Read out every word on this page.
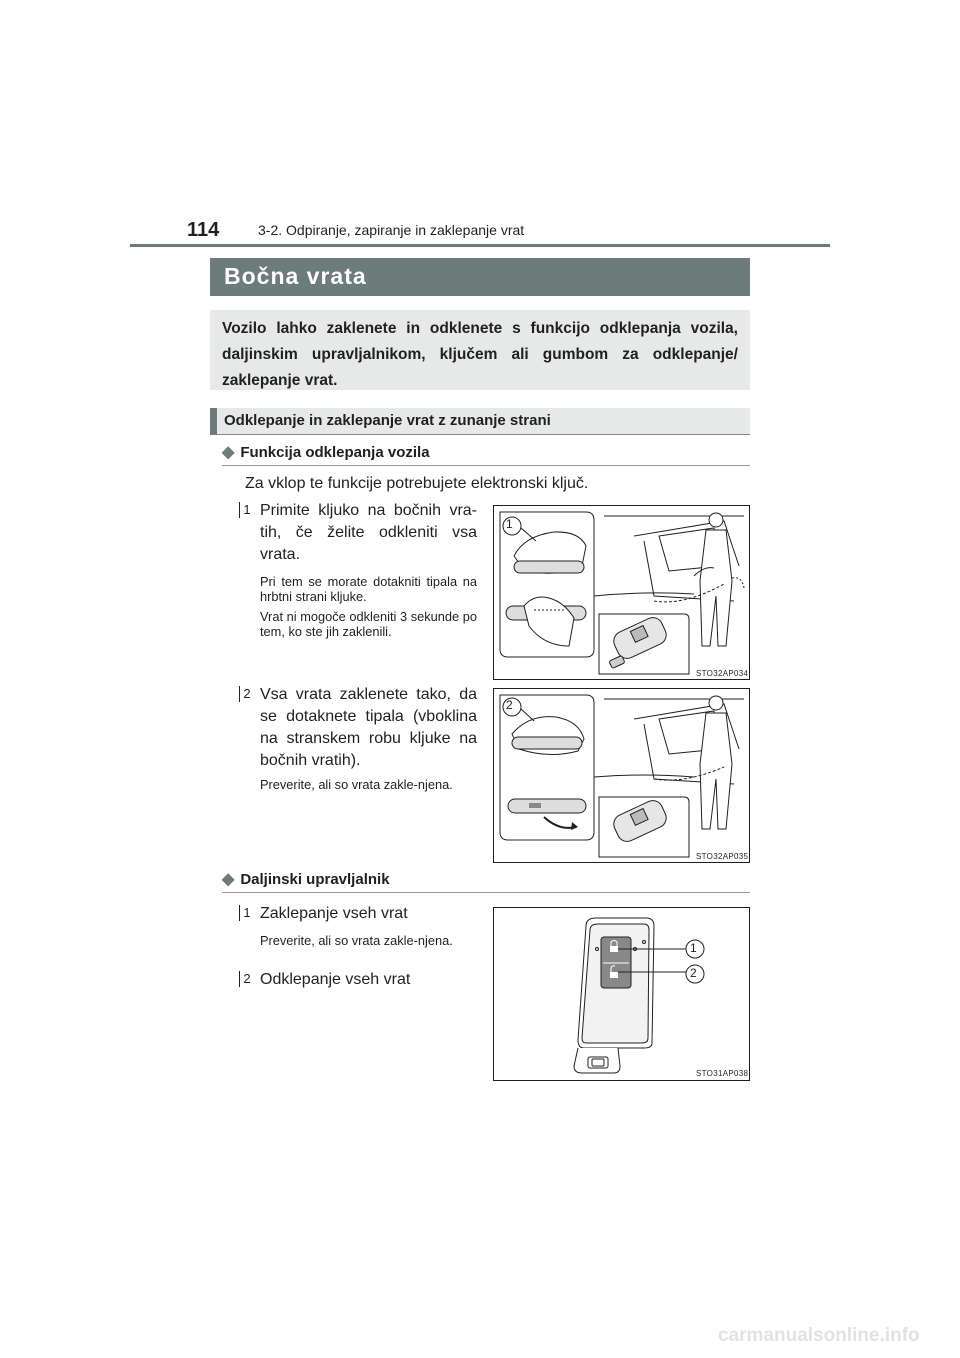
114	3-2. Odpiranje, zapiranje in zaklepanje vrat
Bočna vrata
Vozilo lahko zaklenete in odklenete s funkcijo odklepanja vozila, daljinskim upravljalnikom, ključem ali gumbom za odklepanje/ zaklepanje vrat.
Odklepanje in zaklepanje vrat z zunanje strani
◆ Funkcija odklepanja vozila
Za vklop te funkcije potrebujete elektronski ključ.
1 Primite kljuko na bočnih vra-tih, če želite odkleniti vsa vrata.
Pri tem se morate dotakniti tipala na hrbtni strani kljuke.
Vrat ni mogoče odkleniti 3 sekunde po tem, ko ste jih zaklenili.
1
STO32AP034
2 Vsa vrata zaklenete tako, da se dotaknete tipala (vboklina na stranskem robu kljuke na bočnih vratih).
Preverite, ali so vrata zakle-njena.
2
STO32AP035
◆ Daljinski upravljalnik
1 Zaklepanje vseh vrat
Preverite, ali so vrata zakle-njena.
2 Odklepanje vseh vrat
1
2
STO31AP038
carmanualsonline.info
